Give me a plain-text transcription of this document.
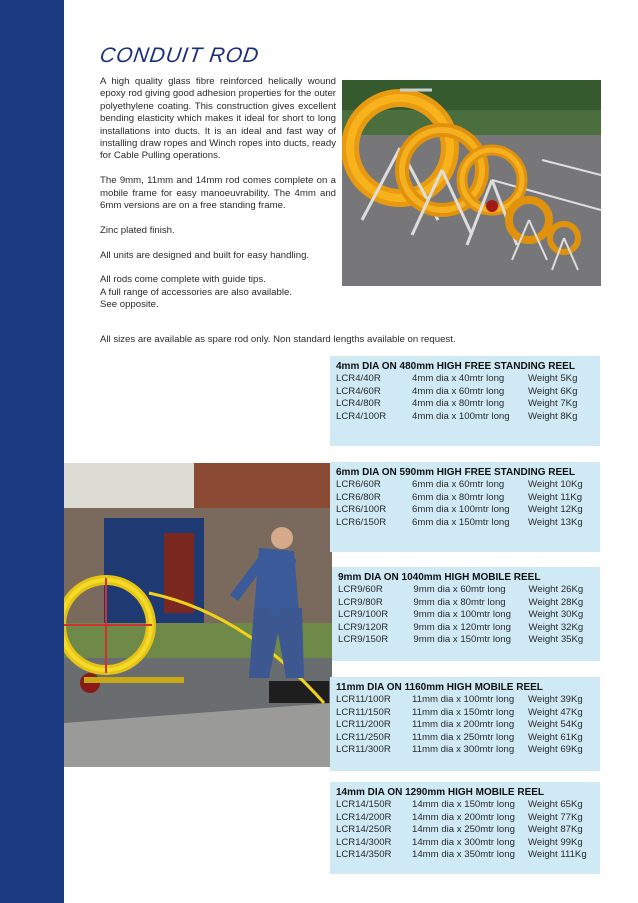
CONDUIT ROD

A high quality glass fibre reinforced helically wound epoxy rod giving good adhesion properties for the outer polyethylene coating. This construction gives excellent bending elasticity which makes it ideal for short to long installations into ducts. It is an ideal and fast way of installing draw ropes and Winch ropes into ducts, ready for Cable Pulling operations.

The 9mm, 11mm and 14mm rod comes complete on a mobile frame for easy manoeuvrability. The 4mm and 6mm versions are on a free standing frame.

Zinc plated finish.

All units are designed and built for easy handling.

All rods come complete with guide tips.
A full range of accessories are also available.
See opposite.

All sizes are available as spare rod only. Non standard lengths available on request.
4mm DIA ON 480mm HIGH FREE STANDING REEL
LCR4/40R	4mm dia x 40mtr long	Weight 5Kg
LCR4/60R	4mm dia x 60mtr long	Weight 6Kg
LCR4/80R	4mm dia x 80mtr long	Weight 7Kg
LCR4/100R	4mm dia x 100mtr long	Weight 8Kg
6mm DIA ON 590mm HIGH FREE STANDING REEL
LCR6/60R	6mm dia x 60mtr long	Weight 10Kg
LCR6/80R	6mm dia x 80mtr long	Weight 11Kg
LCR6/100R	6mm dia x 100mtr long	Weight 12Kg
LCR6/150R	6mm dia x 150mtr long	Weight 13Kg
9mm DIA ON 1040mm HIGH MOBILE REEL
LCR9/60R	9mm dia x 60mtr long	Weight 26Kg
LCR9/80R	9mm dia x 80mtr long	Weight 28Kg
LCR9/100R	9mm dia x 100mtr long	Weight 30Kg
LCR9/120R	9mm dia x 120mtr long	Weight 32Kg
LCR9/150R	9mm dia x 150mtr long	Weight 35Kg
11mm DIA ON 1160mm HIGH MOBILE REEL
LCR11/100R	11mm dia x 100mtr long	Weight 39Kg
LCR11/150R	11mm dia x 150mtr long	Weight 47Kg
LCR11/200R	11mm dia x 200mtr long	Weight 54Kg
LCR11/250R	11mm dia x 250mtr long	Weight 61Kg
LCR11/300R	11mm dia x 300mtr long	Weight 69Kg
14mm DIA ON 1290mm HIGH MOBILE REEL
LCR14/150R	14mm dia x 150mtr long	Weight 65Kg
LCR14/200R	14mm dia x 200mtr long	Weight 77Kg
LCR14/250R	14mm dia x 250mtr long	Weight 87Kg
LCR14/300R	14mm dia x 300mtr long	Weight 99Kg
LCR14/350R	14mm dia x 350mtr long	Weight 111Kg
